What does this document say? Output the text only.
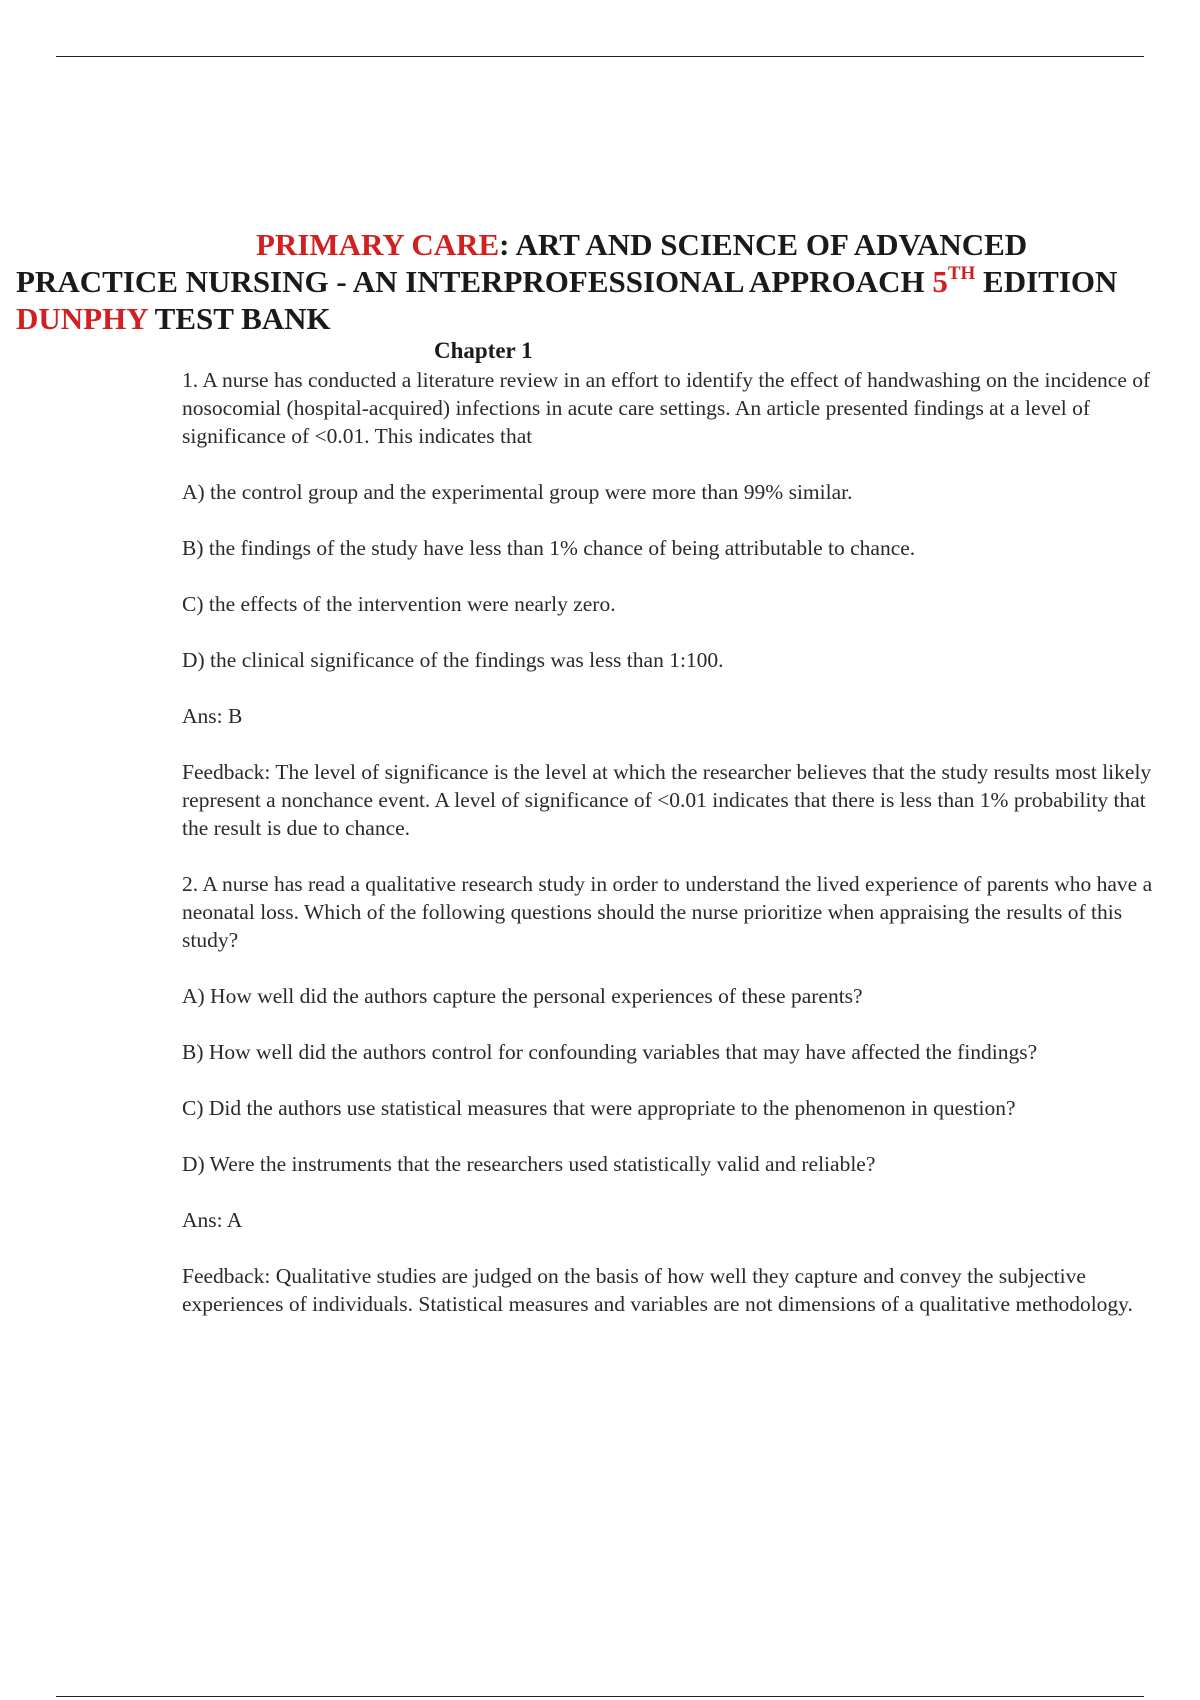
PRIMARY CARE: ART AND SCIENCE OF ADVANCED
PRACTICE NURSING - AN INTERPROFESSIONAL APPROACH 5TH EDITION
DUNPHY TEST BANK
Chapter 1

1. A nurse has conducted a literature review in an effort to identify the effect of handwashing on the incidence of nosocomial (hospital-acquired) infections in acute care settings. An article presented findings at a level of significance of <0.01. This indicates that

A) the control group and the experimental group were more than 99% similar.

B) the findings of the study have less than 1% chance of being attributable to chance.

C) the effects of the intervention were nearly zero.

D) the clinical significance of the findings was less than 1:100.

Ans: B

Feedback: The level of significance is the level at which the researcher believes that the study results most likely represent a nonchance event. A level of significance of <0.01 indicates that there is less than 1% probability that the result is due to chance.

2. A nurse has read a qualitative research study in order to understand the lived experience of parents who have a neonatal loss. Which of the following questions should the nurse prioritize when appraising the results of this study?

A) How well did the authors capture the personal experiences of these parents?

B) How well did the authors control for confounding variables that may have affected the findings?

C) Did the authors use statistical measures that were appropriate to the phenomenon in question?

D) Were the instruments that the researchers used statistically valid and reliable?

Ans: A

Feedback: Qualitative studies are judged on the basis of how well they capture and convey the subjective experiences of individuals. Statistical measures and variables are not dimensions of a qualitative methodology.
